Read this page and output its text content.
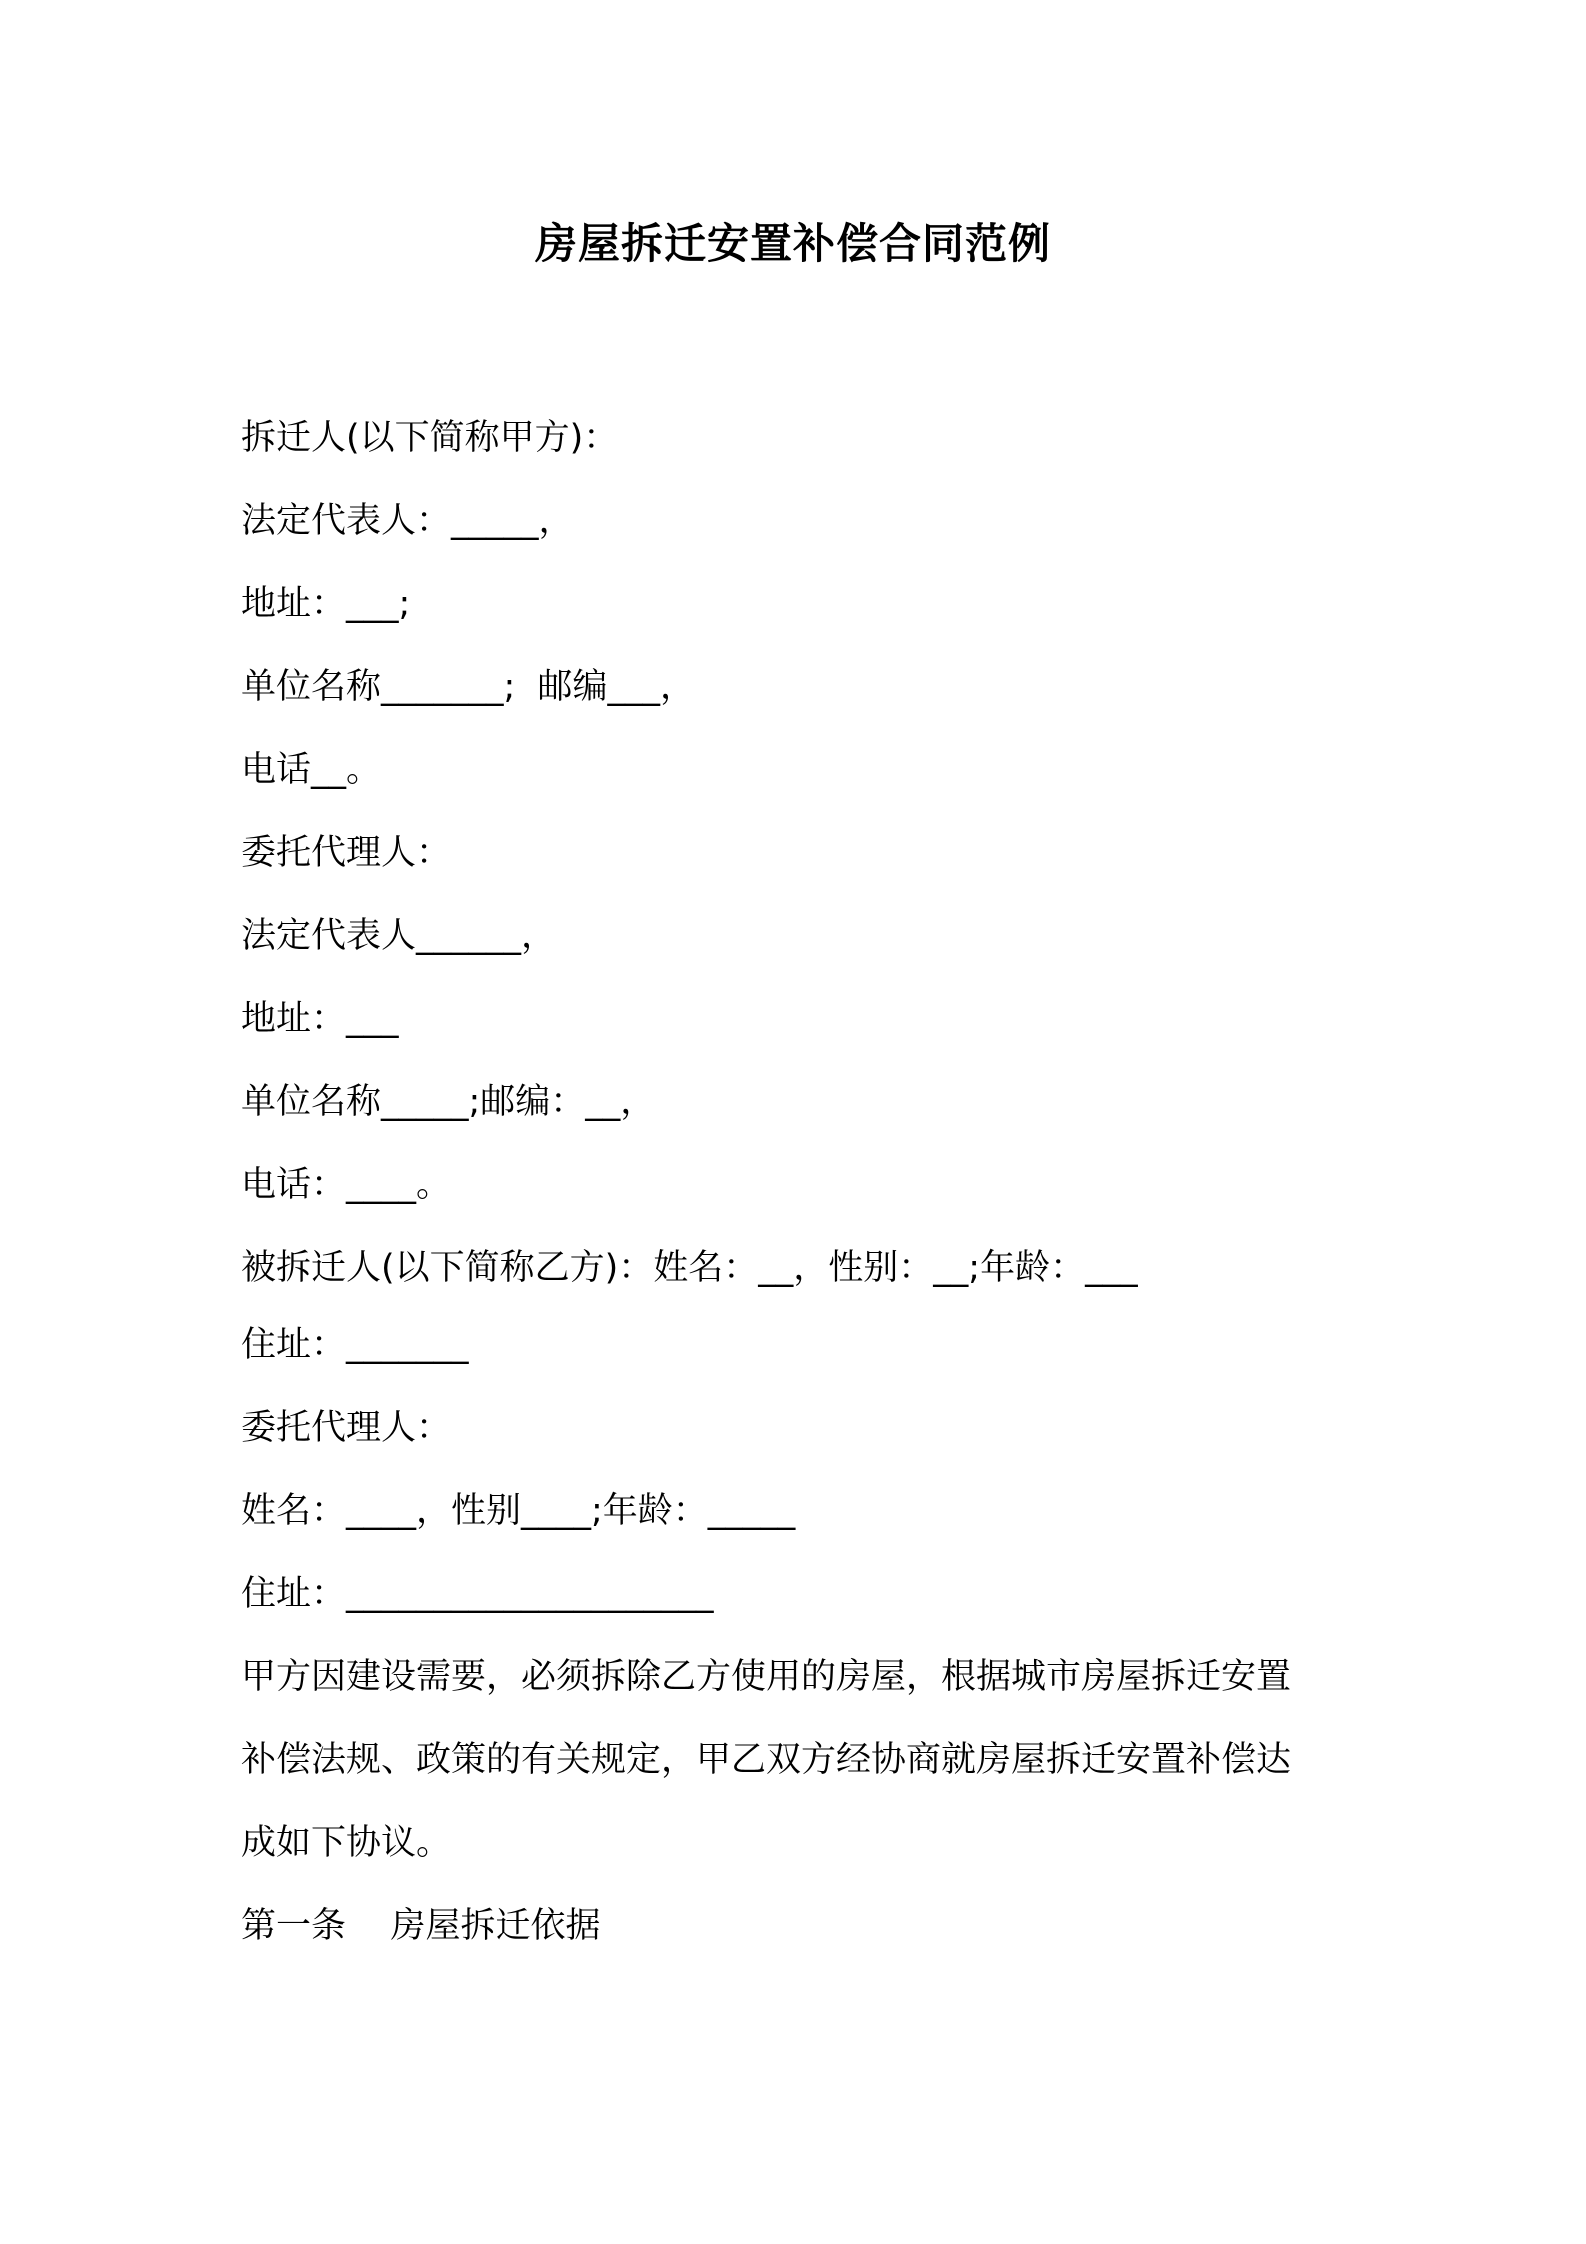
房屋拆迁安置补偿合同范例
拆迁人(以下简称甲方)：
法定代表人：_____，
地址：___;
单位名称_______;  邮编___，
电话__。
委托代理人：
法定代表人______，
地址：___
单位名称_____;邮编：__，
电话：____。
被拆迁人(以下简称乙方)：姓名：__，性别：__;年龄：___
住址：_______
委托代理人：
姓名：____，性别____;年龄：_____
住址：_____________________
甲方因建设需要，必须拆除乙方使用的房屋，根据城市房屋拆迁安置
补偿法规、政策的有关规定，甲乙双方经协商就房屋拆迁安置补偿达
成如下协议。
第一条    房屋拆迁依据
